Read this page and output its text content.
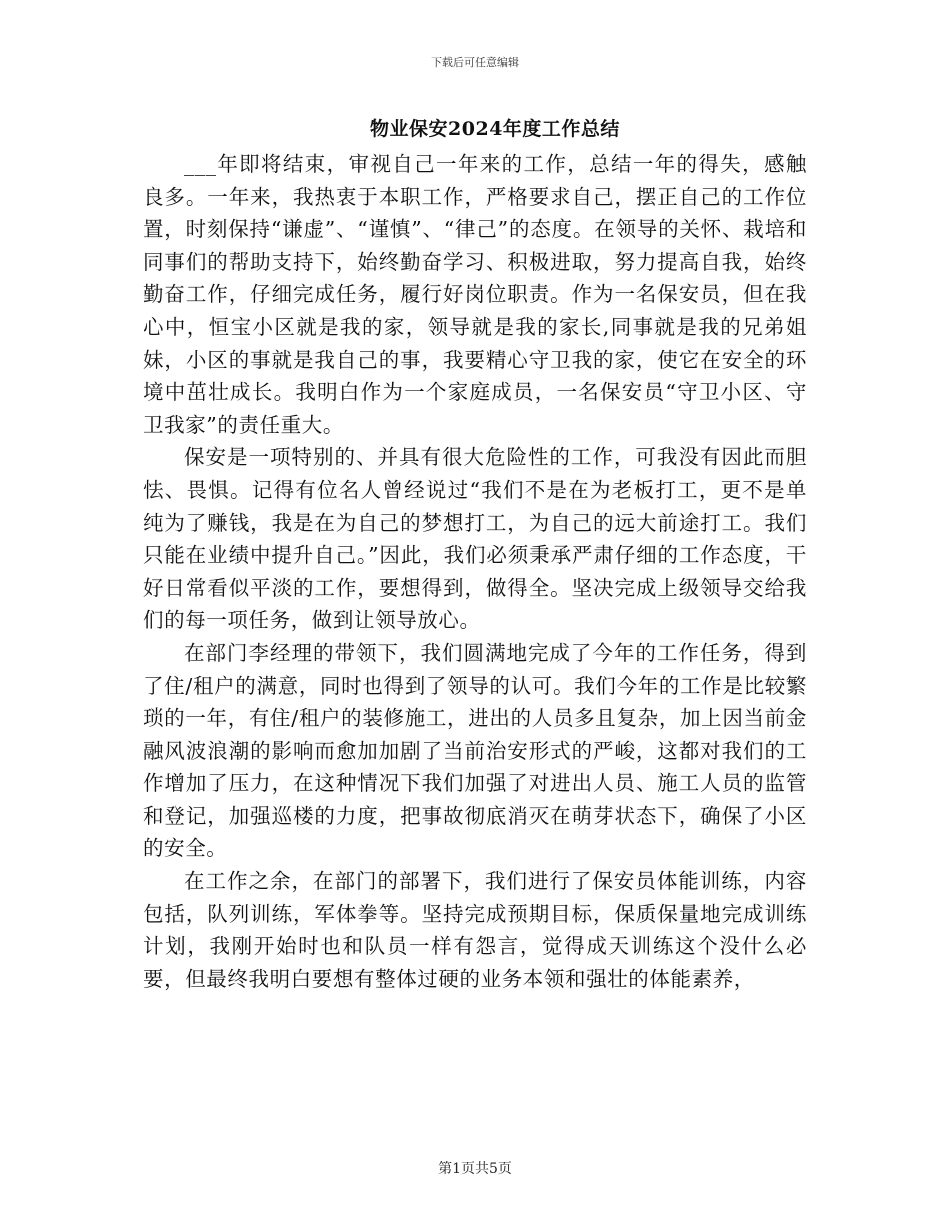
下载后可任意编辑
物业保安2024年度工作总结

___年即将结束，审视自己一年来的工作，总结一年的得失，感触良多。一年来，我热衷于本职工作，严格要求自己，摆正自己的工作位置，时刻保持“谦虚”、“谨慎”、“律己”的态度。在领导的关怀、栽培和同事们的帮助支持下，始终勤奋学习、积极进取，努力提高自我，始终勤奋工作，仔细完成任务，履行好岗位职责。作为一名保安员，但在我心中，恒宝小区就是我的家，领导就是我的家长,同事就是我的兄弟姐妹，小区的事就是我自己的事，我要精心守卫我的家，使它在安全的环境中茁壮成长。我明白作为一个家庭成员，一名保安员“守卫小区、守卫我家”的责任重大。

保安是一项特别的、并具有很大危险性的工作，可我没有因此而胆怯、畏惧。记得有位名人曾经说过“我们不是在为老板打工，更不是单纯为了赚钱，我是在为自己的梦想打工，为自己的远大前途打工。我们只能在业绩中提升自己。”因此，我们必须秉承严肃仔细的工作态度，干好日常看似平淡的工作，要想得到，做得全。坚决完成上级领导交给我们的每一项任务，做到让领导放心。

在部门李经理的带领下，我们圆满地完成了今年的工作任务，得到了住/租户的满意，同时也得到了领导的认可。我们今年的工作是比较繁琐的一年，有住/租户的装修施工，进出的人员多且复杂，加上因当前金融风波浪潮的影响而愈加加剧了当前治安形式的严峻，这都对我们的工作增加了压力，在这种情况下我们加强了对进出人员、施工人员的监管和登记，加强巡楼的力度，把事故彻底消灭在萌芽状态下，确保了小区的安全。

在工作之余，在部门的部署下，我们进行了保安员体能训练，内容包括，队列训练，军体拳等。坚持完成预期目标，保质保量地完成训练计划，我刚开始时也和队员一样有怨言，觉得成天训练这个没什么必要，但最终我明白要想有整体过硬的业务本领和强壮的体能素养，

第1页共5页
